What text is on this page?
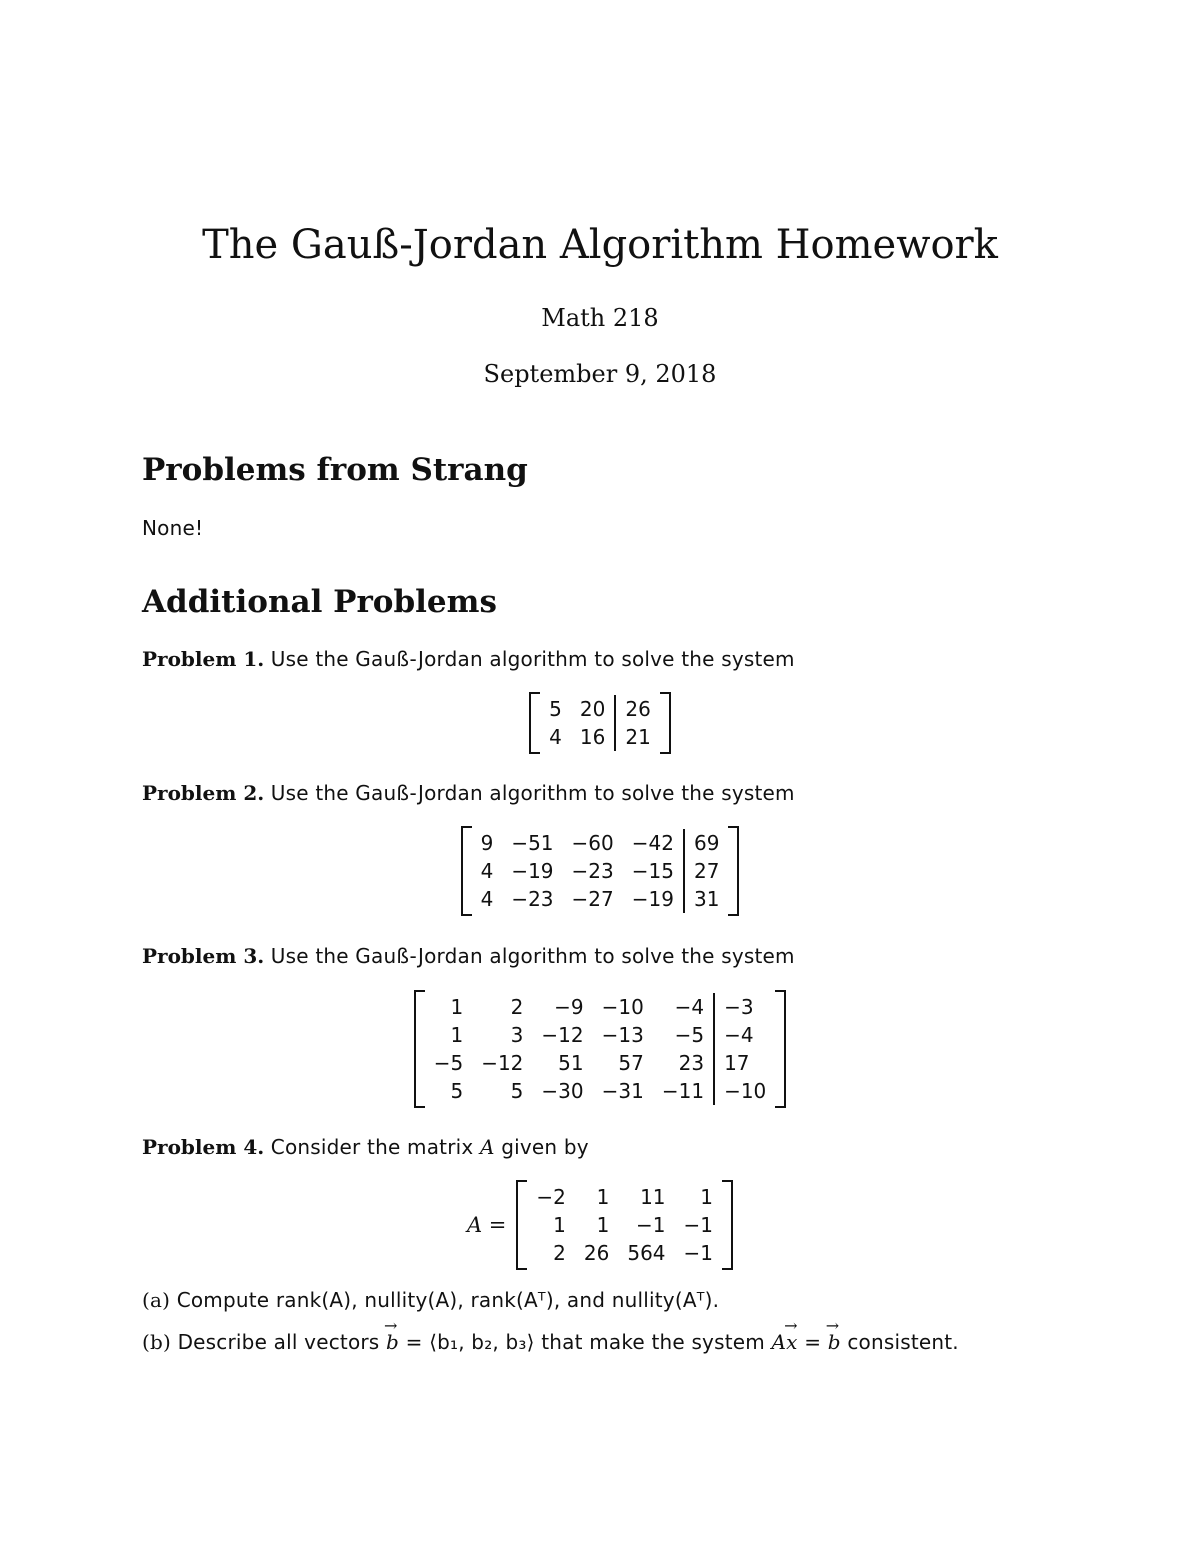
The Gauß-Jordan Algorithm Homework
Math 218
September 9, 2018
Problems from Strang
None!
Additional Problems
Problem 1. Use the Gauß-Jordan algorithm to solve the system
5	20	26
4	16	21
Problem 2. Use the Gauß-Jordan algorithm to solve the system
9	−51	−60	−42	69
4	−19	−23	−15	27
4	−23	−27	−19	31
Problem 3. Use the Gauß-Jordan algorithm to solve the system
1	2	−9	−10	−4	−3
1	3	−12	−13	−5	−4
−5	−12	51	57	23	17
5	5	−30	−31	−11	−10
Problem 4. Consider the matrix A given by
A =
−2	1	11	1
1	1	−1	−1
2	26	564	−1
(a) Compute rank(A), nullity(A), rank(Aᵀ), and nullity(Aᵀ).
(b) Describe all vectors
→
b = ⟨b₁, b₂, b₃⟩ that make the system A
→
x =
→
b consistent.
